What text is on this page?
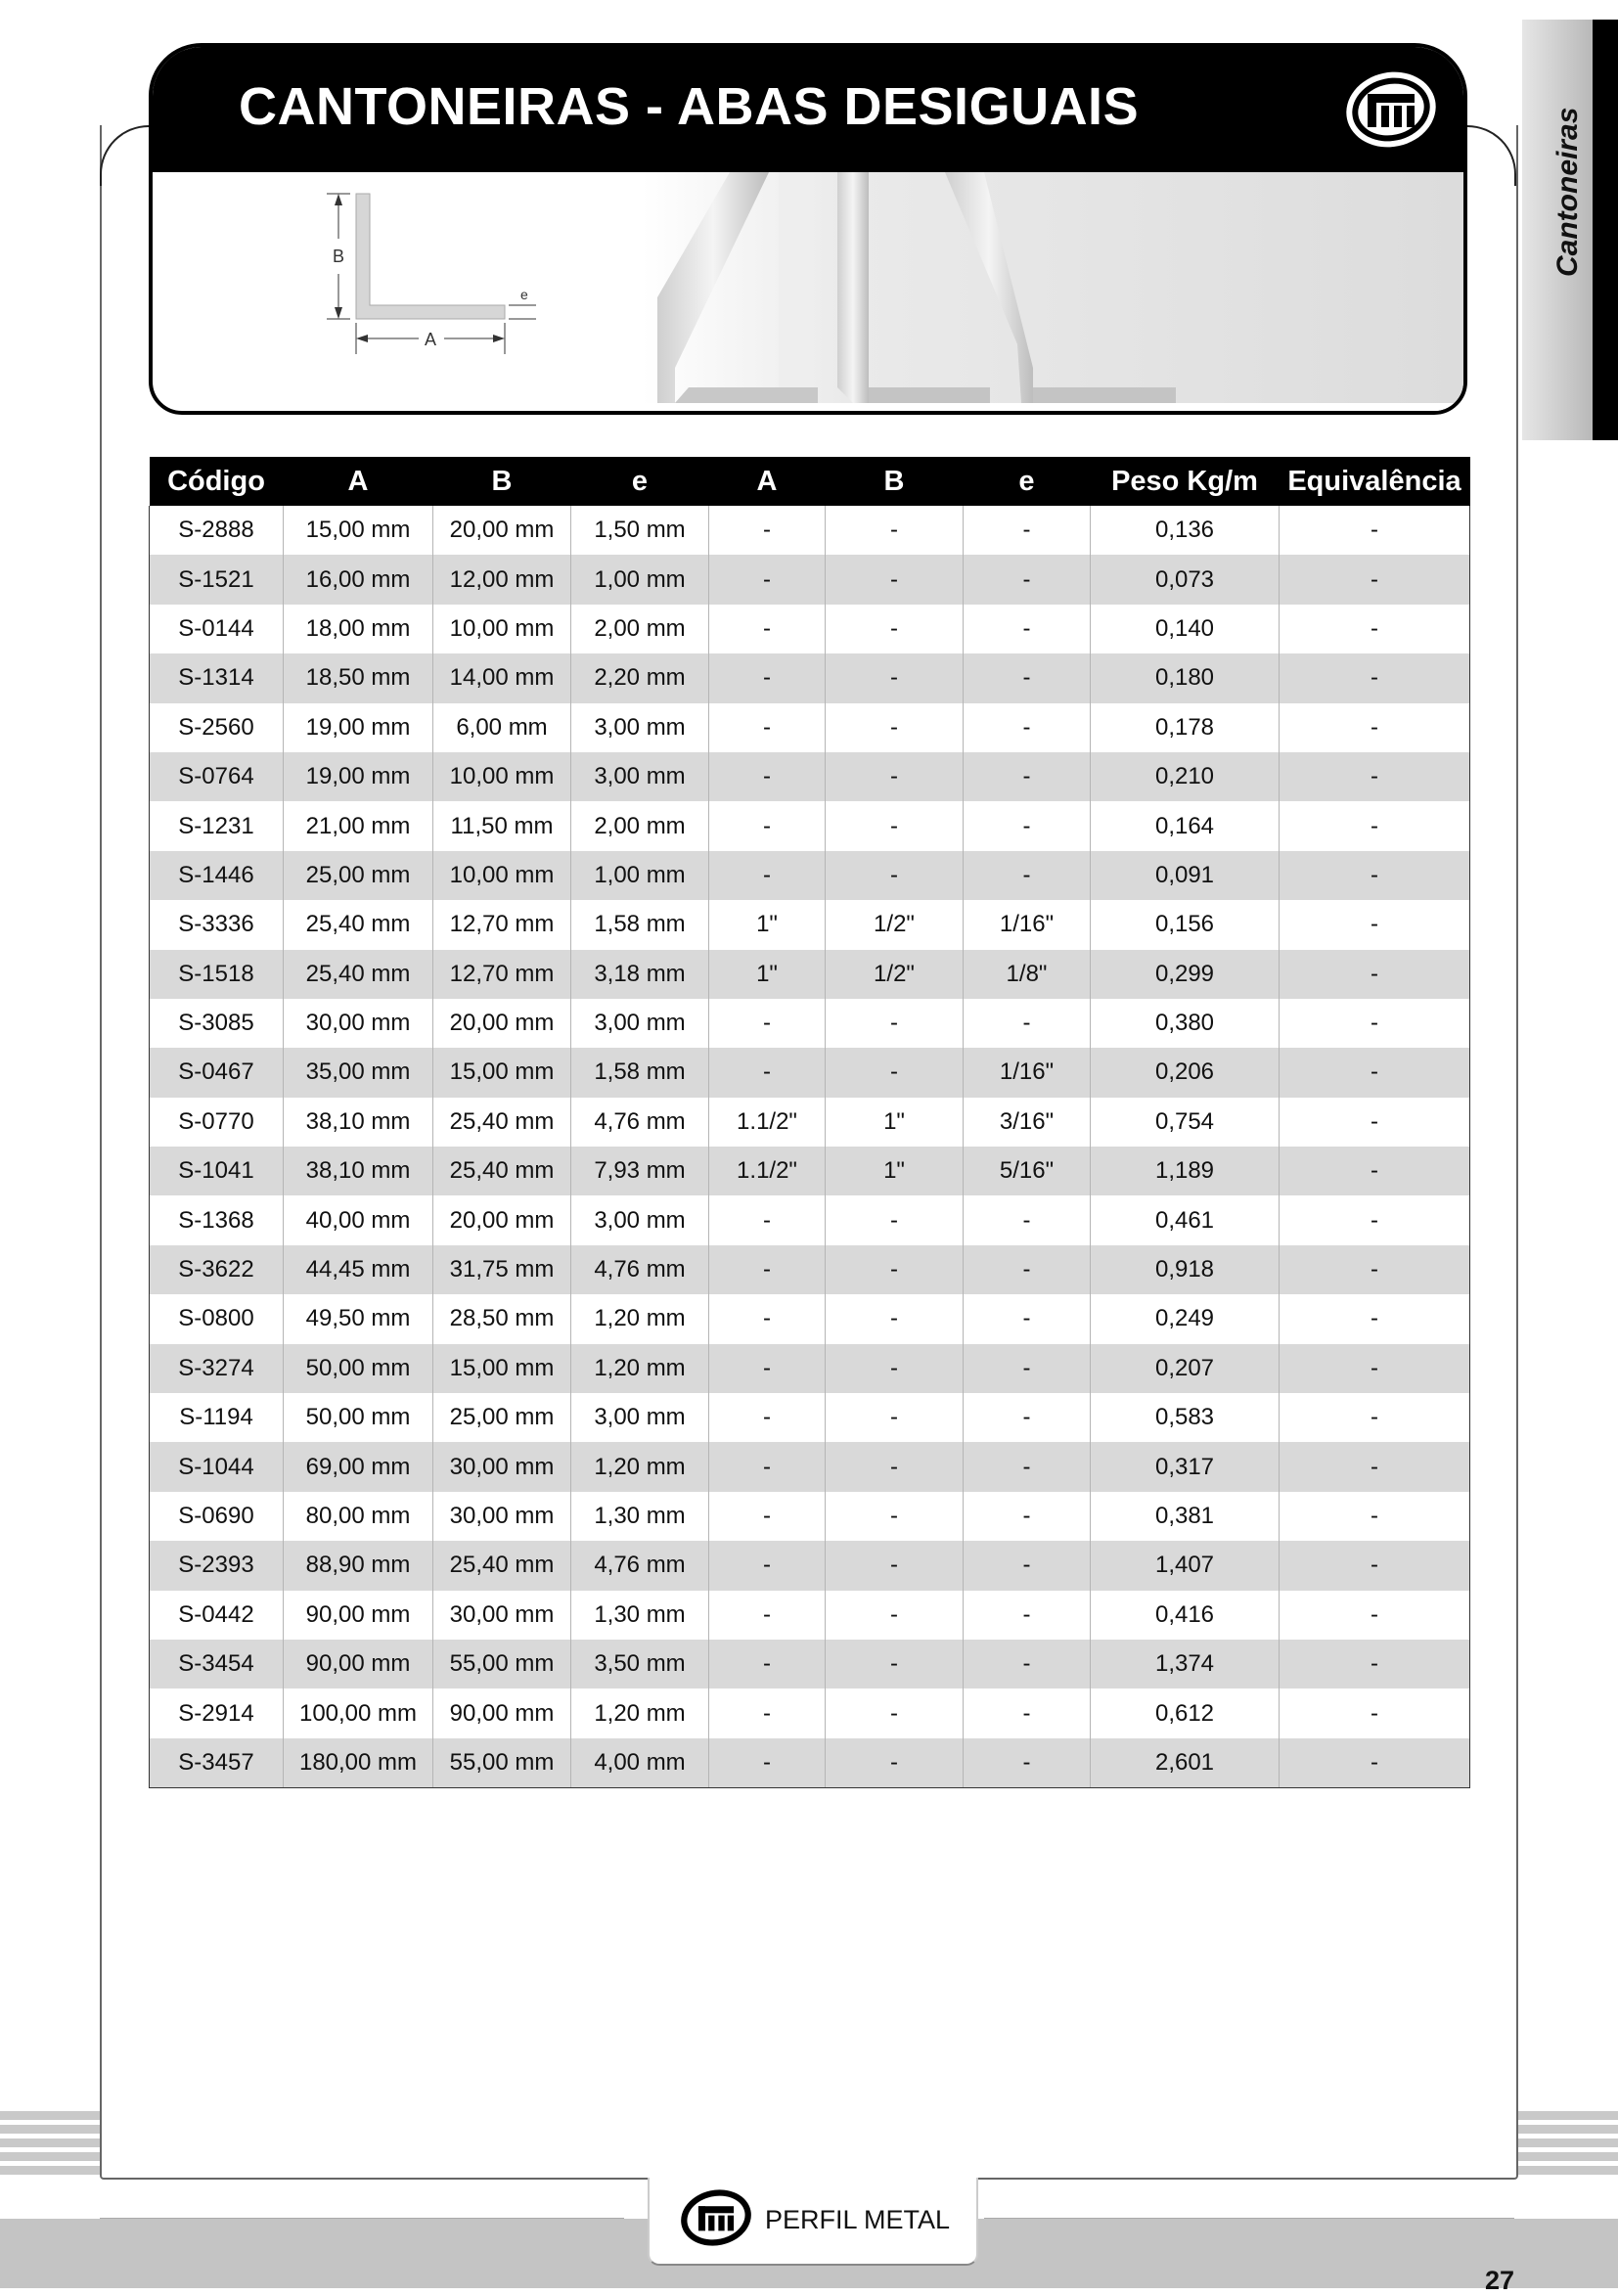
Cantoneiras
CANTONEIRAS - ABAS DESIGUAIS
B
A
e
Código	A	B	e	A	B	e	Peso Kg/m	Equivalência
S-2888	15,00 mm	20,00 mm	1,50 mm	-	-	-	0,136	-
S-1521	16,00 mm	12,00 mm	1,00 mm	-	-	-	0,073	-
S-0144	18,00 mm	10,00 mm	2,00 mm	-	-	-	0,140	-
S-1314	18,50 mm	14,00 mm	2,20 mm	-	-	-	0,180	-
S-2560	19,00 mm	6,00 mm	3,00 mm	-	-	-	0,178	-
S-0764	19,00 mm	10,00 mm	3,00 mm	-	-	-	0,210	-
S-1231	21,00 mm	11,50 mm	2,00 mm	-	-	-	0,164	-
S-1446	25,00 mm	10,00 mm	1,00 mm	-	-	-	0,091	-
S-3336	25,40 mm	12,70 mm	1,58 mm	1"	1/2"	1/16"	0,156	-
S-1518	25,40 mm	12,70 mm	3,18 mm	1"	1/2"	1/8"	0,299	-
S-3085	30,00 mm	20,00 mm	3,00 mm	-	-	-	0,380	-
S-0467	35,00 mm	15,00 mm	1,58 mm	-	-	1/16"	0,206	-
S-0770	38,10 mm	25,40 mm	4,76 mm	1.1/2"	1"	3/16"	0,754	-
S-1041	38,10 mm	25,40 mm	7,93 mm	1.1/2"	1"	5/16"	1,189	-
S-1368	40,00 mm	20,00 mm	3,00 mm	-	-	-	0,461	-
S-3622	44,45 mm	31,75 mm	4,76 mm	-	-	-	0,918	-
S-0800	49,50 mm	28,50 mm	1,20 mm	-	-	-	0,249	-
S-3274	50,00 mm	15,00 mm	1,20 mm	-	-	-	0,207	-
S-1194	50,00 mm	25,00 mm	3,00 mm	-	-	-	0,583	-
S-1044	69,00 mm	30,00 mm	1,20 mm	-	-	-	0,317	-
S-0690	80,00 mm	30,00 mm	1,30 mm	-	-	-	0,381	-
S-2393	88,90 mm	25,40 mm	4,76 mm	-	-	-	1,407	-
S-0442	90,00 mm	30,00 mm	1,30 mm	-	-	-	0,416	-
S-3454	90,00 mm	55,00 mm	3,50 mm	-	-	-	1,374	-
S-2914	100,00 mm	90,00 mm	1,20 mm	-	-	-	0,612	-
S-3457	180,00 mm	55,00 mm	4,00 mm	-	-	-	2,601	-
PERFIL METAL
27
